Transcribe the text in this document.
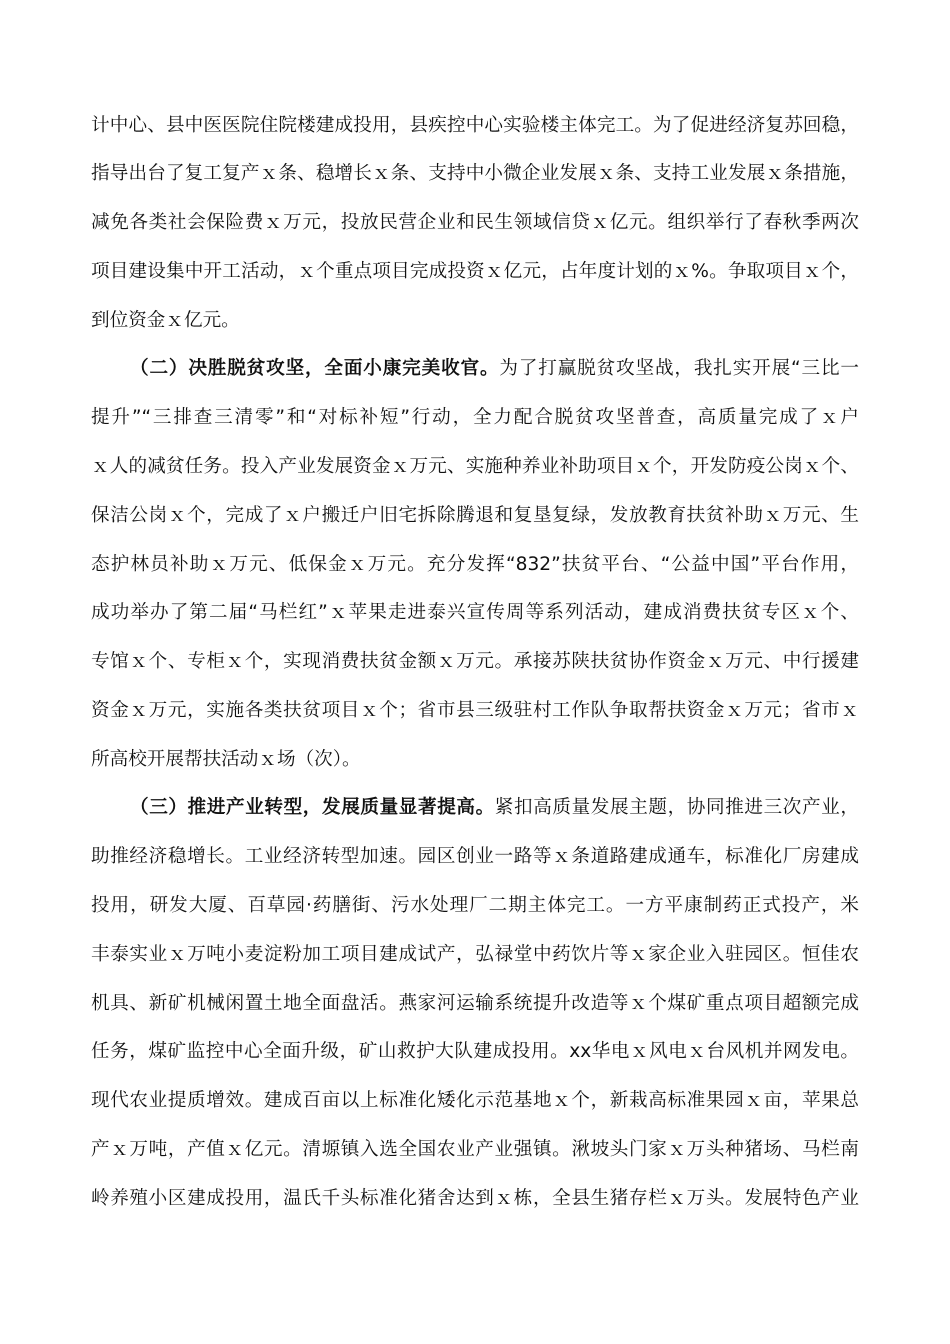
计中心、县中医医院住院楼建成投用，县疾控中心实验楼主体完工。为了促进经济复苏回稳，
指导出台了复工复产ｘ条、稳增长ｘ条、支持中小微企业发展ｘ条、支持工业发展ｘ条措施，
减免各类社会保险费ｘ万元，投放民营企业和民生领域信贷ｘ亿元。组织举行了春秋季两次
项目建设集中开工活动，ｘ个重点项目完成投资ｘ亿元，占年度计划的ｘ%。争取项目ｘ个，
到位资金ｘ亿元。
（二）决胜脱贫攻坚，全面小康完美收官。为了打赢脱贫攻坚战，我扎实开展“三比一
提升”“三排查三清零”和“对标补短”行动，全力配合脱贫攻坚普查，高质量完成了ｘ户
ｘ人的减贫任务。投入产业发展资金ｘ万元、实施种养业补助项目ｘ个，开发防疫公岗ｘ个、
保洁公岗ｘ个，完成了ｘ户搬迁户旧宅拆除腾退和复垦复绿，发放教育扶贫补助ｘ万元、生
态护林员补助ｘ万元、低保金ｘ万元。充分发挥“832”扶贫平台、“公益中国”平台作用，
成功举办了第二届“马栏红”ｘ苹果走进泰兴宣传周等系列活动，建成消费扶贫专区ｘ个、
专馆ｘ个、专柜ｘ个，实现消费扶贫金额ｘ万元。承接苏陕扶贫协作资金ｘ万元、中行援建
资金ｘ万元，实施各类扶贫项目ｘ个；省市县三级驻村工作队争取帮扶资金ｘ万元；省市ｘ
所高校开展帮扶活动ｘ场（次）。
（三）推进产业转型，发展质量显著提高。紧扣高质量发展主题，协同推进三次产业，
助推经济稳增长。工业经济转型加速。园区创业一路等ｘ条道路建成通车，标准化厂房建成
投用，研发大厦、百草园·药膳街、污水处理厂二期主体完工。一方平康制药正式投产，米
丰泰实业ｘ万吨小麦淀粉加工项目建成试产，弘禄堂中药饮片等ｘ家企业入驻园区。恒佳农
机具、新矿机械闲置土地全面盘活。燕家河运输系统提升改造等ｘ个煤矿重点项目超额完成
任务，煤矿监控中心全面升级，矿山救护大队建成投用。xx华电ｘ风电ｘ台风机并网发电。
现代农业提质增效。建成百亩以上标准化矮化示范基地ｘ个，新栽高标准果园ｘ亩，苹果总
产ｘ万吨，产值ｘ亿元。清塬镇入选全国农业产业强镇。湫坡头门家ｘ万头种猪场、马栏南
岭养殖小区建成投用，温氏千头标准化猪舍达到ｘ栋，全县生猪存栏ｘ万头。发展特色产业
